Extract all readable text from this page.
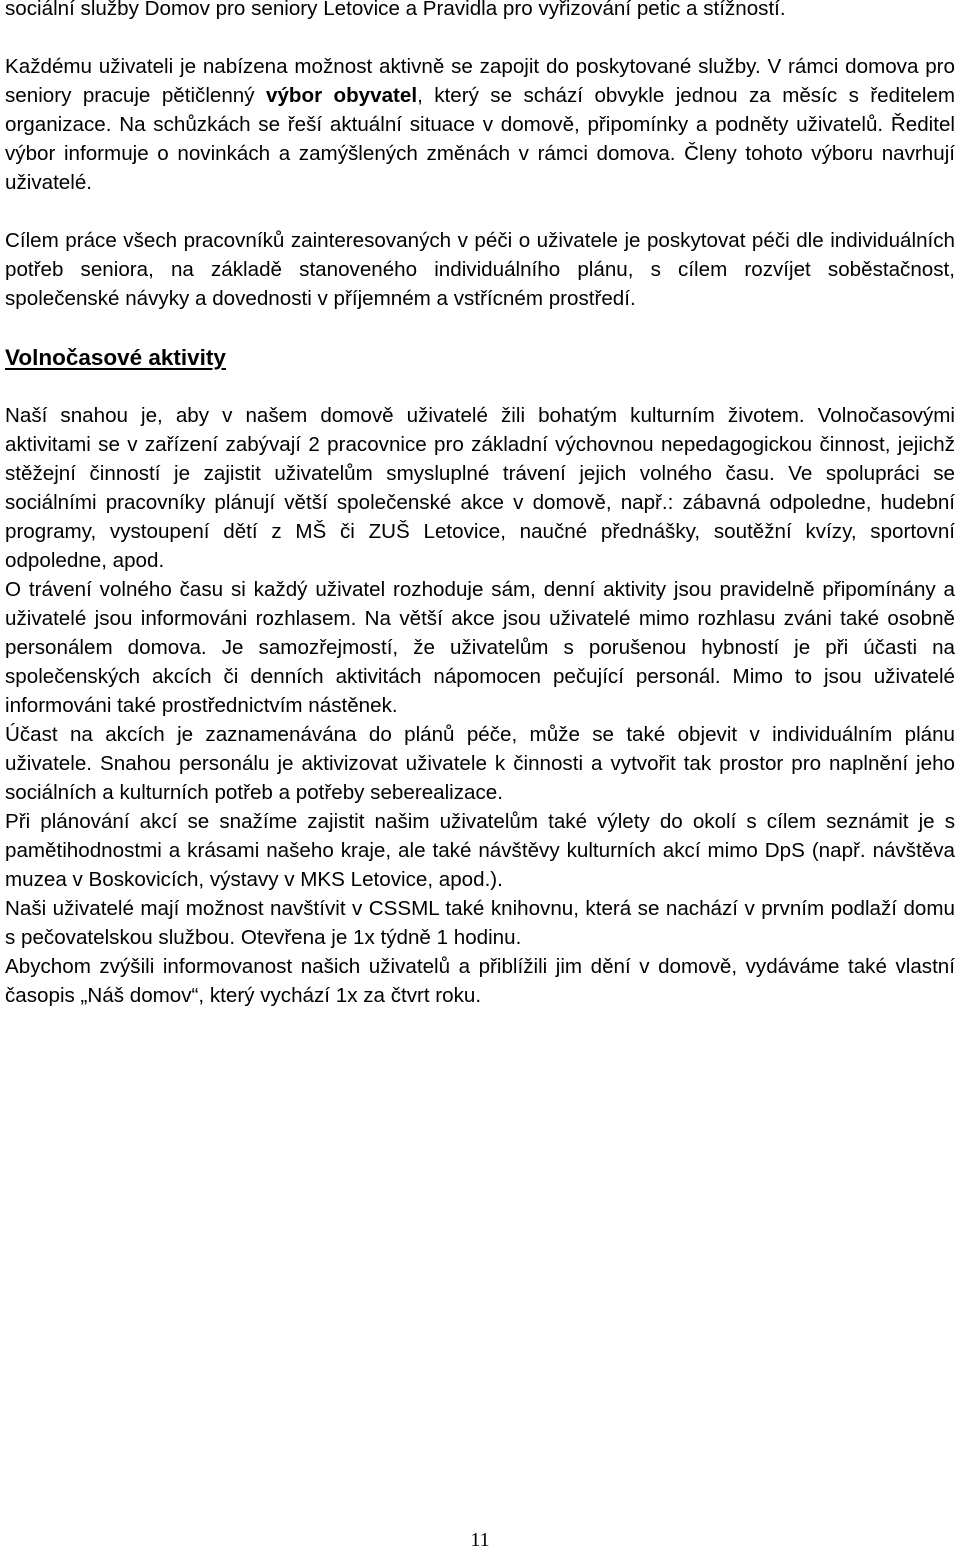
sociální služby Domov pro seniory Letovice a Pravidla pro vyřizování petic a stížností.

Každému uživateli je nabízena možnost aktivně se zapojit do poskytované služby. V rámci domova pro seniory pracuje pětičlenný výbor obyvatel, který se schází obvykle jednou za měsíc s ředitelem organizace. Na schůzkách se řeší aktuální situace v domově, připomínky a podněty uživatelů. Ředitel výbor informuje o novinkách a zamýšlených změnách v rámci domova. Členy tohoto výboru navrhují uživatelé.

Cílem práce všech pracovníků zainteresovaných v péči o uživatele je poskytovat péči dle individuálních potřeb seniora, na základě stanoveného individuálního plánu, s cílem rozvíjet soběstačnost, společenské návyky a dovednosti v příjemném a vstřícném prostředí.

Volnočasové aktivity

Naší snahou je, aby v našem domově uživatelé žili bohatým kulturním životem. Volnočasovými aktivitami se v zařízení zabývají 2 pracovnice pro základní výchovnou nepedagogickou činnost, jejichž stěžejní činností je zajistit uživatelům smysluplné trávení jejich volného času. Ve spolupráci se sociálními pracovníky plánují větší společenské akce v domově, např.: zábavná odpoledne, hudební programy, vystoupení dětí z MŠ či ZUŠ Letovice, naučné přednášky, soutěžní kvízy, sportovní odpoledne, apod.

O trávení volného času si každý uživatel rozhoduje sám, denní aktivity jsou pravidelně připomínány a uživatelé jsou informováni rozhlasem. Na větší akce jsou uživatelé mimo rozhlasu zváni také osobně personálem domova. Je samozřejmostí, že uživatelům s porušenou hybností je při účasti na společenských akcích či denních aktivitách nápomocen pečující personál. Mimo to jsou uživatelé informováni také prostřednictvím nástěnek.

Účast na akcích je zaznamenávána do plánů péče, může se také objevit v individuálním plánu uživatele. Snahou personálu je aktivizovat uživatele k činnosti a vytvořit tak prostor pro naplnění jeho sociálních a kulturních potřeb a potřeby seberealizace.

Při plánování akcí se snažíme zajistit našim uživatelům také výlety do okolí s cílem seznámit je s pamětihodnostmi a krásami našeho kraje, ale také návštěvy kulturních akcí mimo DpS (např. návštěva muzea v Boskovicích, výstavy v MKS Letovice, apod.).

Naši uživatelé mají možnost navštívit v CSSML také knihovnu, která se nachází v prvním podlaží domu s pečovatelskou službou. Otevřena je 1x týdně 1 hodinu.

Abychom zvýšili informovanost našich uživatelů a přiblížili jim dění v domově, vydáváme také vlastní časopis „Náš domov“, který vychází 1x za čtvrt roku.

11
